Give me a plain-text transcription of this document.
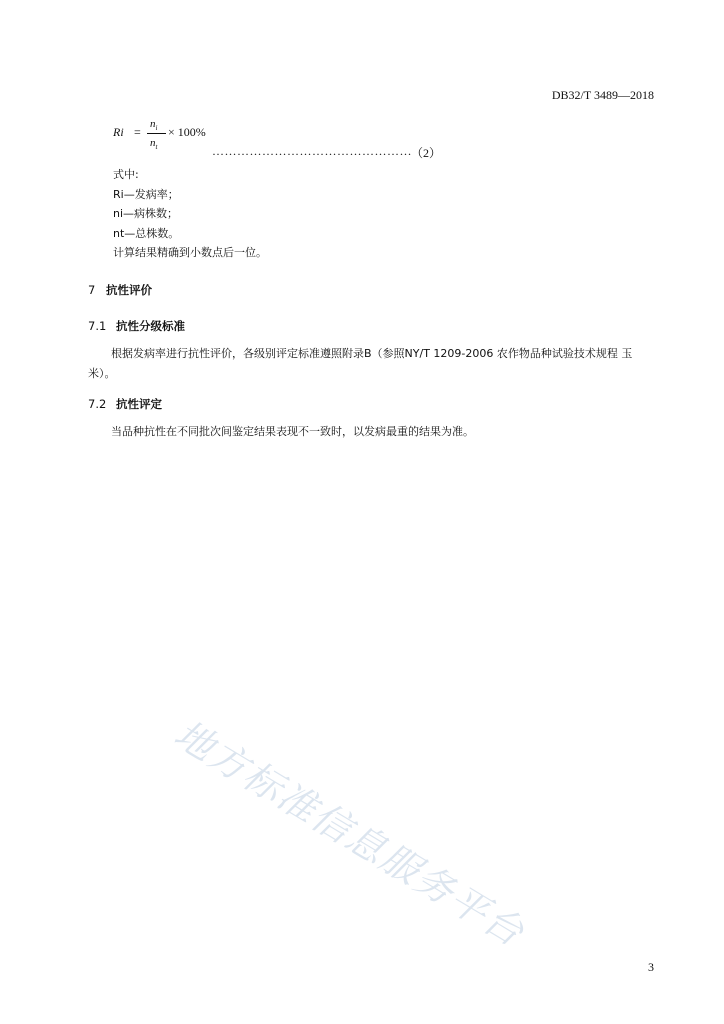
DB32/T 3489—2018
Ri =
$n_i$
$n_t$
× 100%
………………………………………… （2）
式中:
Ri—发病率；
ni—病株数；
nt—总株数。
计算结果精确到小数点后一位。
7 抗性评价
7.1 抗性分级标准
根据发病率进行抗性评价，各级别评定标准遵照附录B（参照NY/T 1209-2006 农作物品种试验技术规程 玉米）。
7.2 抗性评定
当品种抗性在不同批次间鉴定结果表现不一致时，以发病最重的结果为准。
地方标准信息服务平台
3
